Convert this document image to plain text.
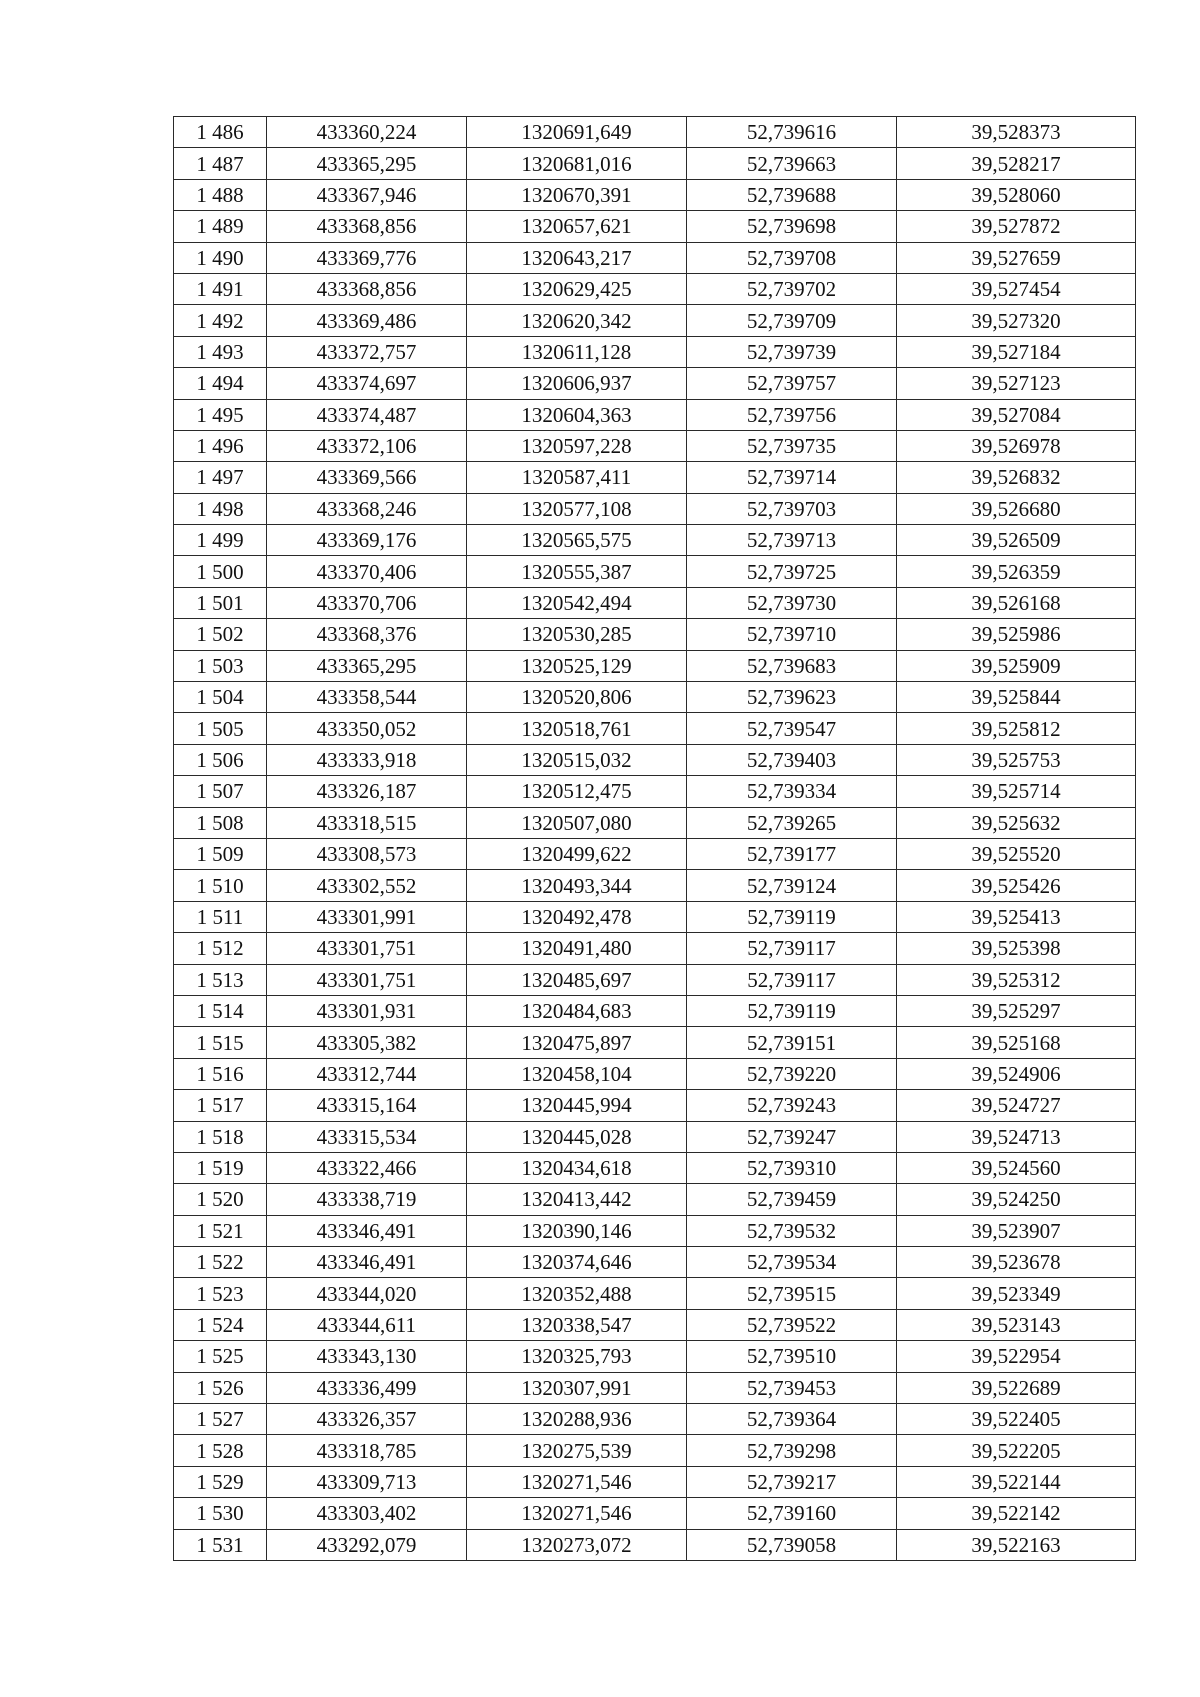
1 486	433360,224	1320691,649	52,739616	39,528373
1 487	433365,295	1320681,016	52,739663	39,528217
1 488	433367,946	1320670,391	52,739688	39,528060
1 489	433368,856	1320657,621	52,739698	39,527872
1 490	433369,776	1320643,217	52,739708	39,527659
1 491	433368,856	1320629,425	52,739702	39,527454
1 492	433369,486	1320620,342	52,739709	39,527320
1 493	433372,757	1320611,128	52,739739	39,527184
1 494	433374,697	1320606,937	52,739757	39,527123
1 495	433374,487	1320604,363	52,739756	39,527084
1 496	433372,106	1320597,228	52,739735	39,526978
1 497	433369,566	1320587,411	52,739714	39,526832
1 498	433368,246	1320577,108	52,739703	39,526680
1 499	433369,176	1320565,575	52,739713	39,526509
1 500	433370,406	1320555,387	52,739725	39,526359
1 501	433370,706	1320542,494	52,739730	39,526168
1 502	433368,376	1320530,285	52,739710	39,525986
1 503	433365,295	1320525,129	52,739683	39,525909
1 504	433358,544	1320520,806	52,739623	39,525844
1 505	433350,052	1320518,761	52,739547	39,525812
1 506	433333,918	1320515,032	52,739403	39,525753
1 507	433326,187	1320512,475	52,739334	39,525714
1 508	433318,515	1320507,080	52,739265	39,525632
1 509	433308,573	1320499,622	52,739177	39,525520
1 510	433302,552	1320493,344	52,739124	39,525426
1 511	433301,991	1320492,478	52,739119	39,525413
1 512	433301,751	1320491,480	52,739117	39,525398
1 513	433301,751	1320485,697	52,739117	39,525312
1 514	433301,931	1320484,683	52,739119	39,525297
1 515	433305,382	1320475,897	52,739151	39,525168
1 516	433312,744	1320458,104	52,739220	39,524906
1 517	433315,164	1320445,994	52,739243	39,524727
1 518	433315,534	1320445,028	52,739247	39,524713
1 519	433322,466	1320434,618	52,739310	39,524560
1 520	433338,719	1320413,442	52,739459	39,524250
1 521	433346,491	1320390,146	52,739532	39,523907
1 522	433346,491	1320374,646	52,739534	39,523678
1 523	433344,020	1320352,488	52,739515	39,523349
1 524	433344,611	1320338,547	52,739522	39,523143
1 525	433343,130	1320325,793	52,739510	39,522954
1 526	433336,499	1320307,991	52,739453	39,522689
1 527	433326,357	1320288,936	52,739364	39,522405
1 528	433318,785	1320275,539	52,739298	39,522205
1 529	433309,713	1320271,546	52,739217	39,522144
1 530	433303,402	1320271,546	52,739160	39,522142
1 531	433292,079	1320273,072	52,739058	39,522163
